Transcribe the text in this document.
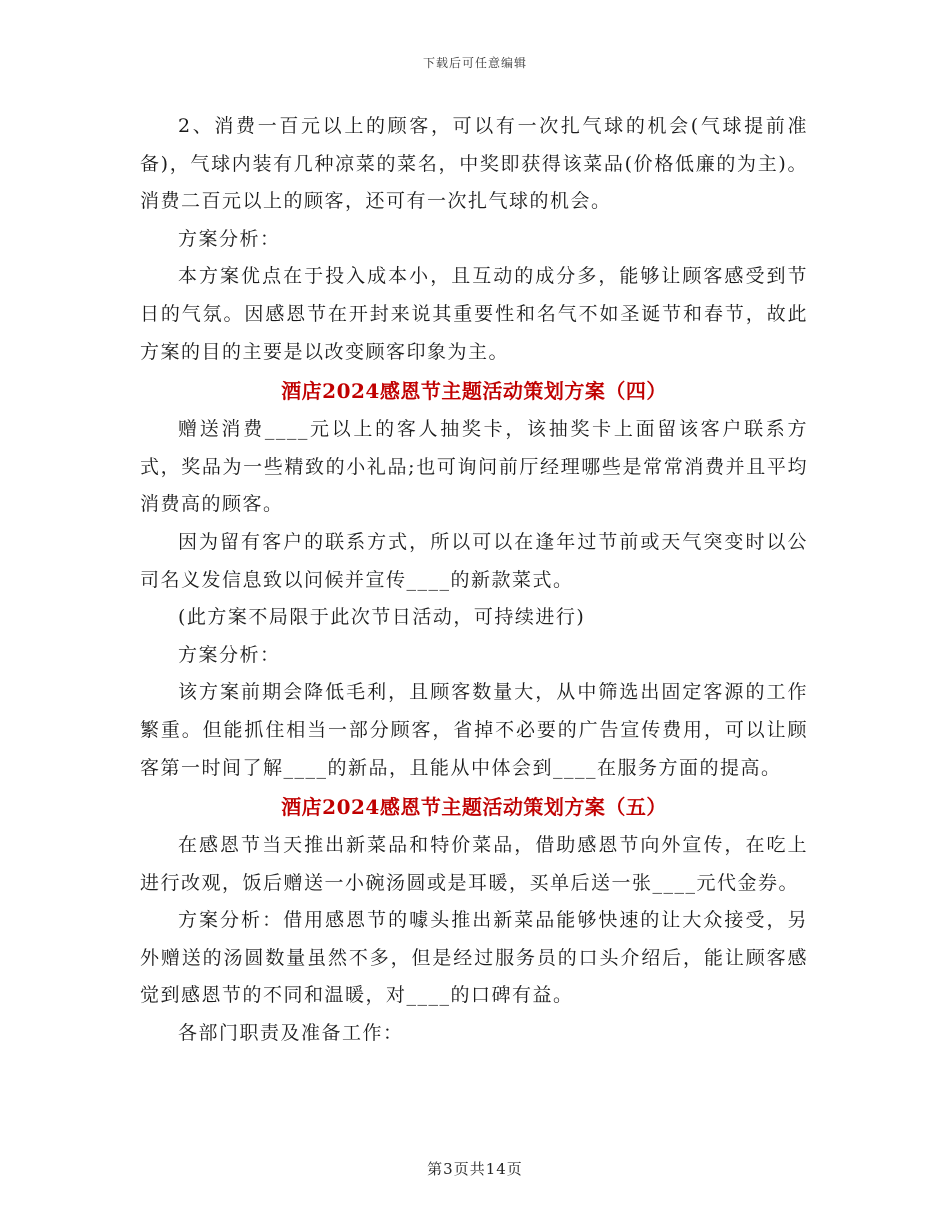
下载后可任意编辑

2、消费一百元以上的顾客，可以有一次扎气球的机会(气球提前准备)，气球内装有几种凉菜的菜名，中奖即获得该菜品(价格低廉的为主)。消费二百元以上的顾客，还可有一次扎气球的机会。

方案分析：

本方案优点在于投入成本小，且互动的成分多，能够让顾客感受到节日的气氛。因感恩节在开封来说其重要性和名气不如圣诞节和春节，故此方案的目的主要是以改变顾客印象为主。

酒店2024感恩节主题活动策划方案（四）

赠送消费____元以上的客人抽奖卡，该抽奖卡上面留该客户联系方式，奖品为一些精致的小礼品;也可询问前厅经理哪些是常常消费并且平均消费高的顾客。

因为留有客户的联系方式，所以可以在逢年过节前或天气突变时以公司名义发信息致以问候并宣传____的新款菜式。

(此方案不局限于此次节日活动，可持续进行)

方案分析：

该方案前期会降低毛利，且顾客数量大，从中筛选出固定客源的工作繁重。但能抓住相当一部分顾客，省掉不必要的广告宣传费用，可以让顾客第一时间了解____的新品，且能从中体会到____在服务方面的提高。

酒店2024感恩节主题活动策划方案（五）

在感恩节当天推出新菜品和特价菜品，借助感恩节向外宣传，在吃上进行改观，饭后赠送一小碗汤圆或是耳暖，买单后送一张____元代金券。

方案分析：借用感恩节的噱头推出新菜品能够快速的让大众接受，另外赠送的汤圆数量虽然不多，但是经过服务员的口头介绍后，能让顾客感觉到感恩节的不同和温暖，对____的口碑有益。

各部门职责及准备工作：

第3页共14页
